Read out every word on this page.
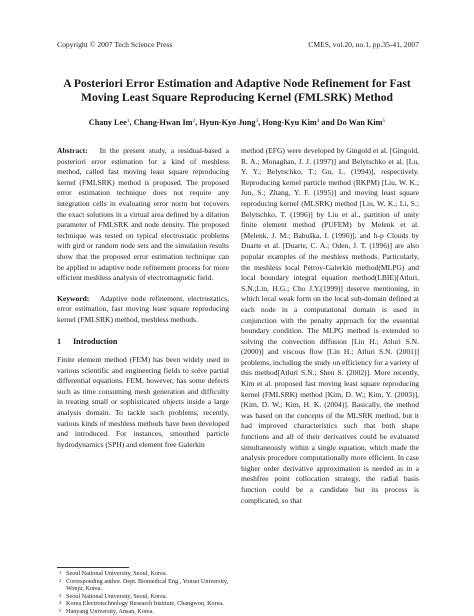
Copyright © 2007 Tech Science Press	CMES, vol.20, no.1, pp.35-41, 2007
A Posteriori Error Estimation and Adaptive Node Refinement for Fast
Moving Least Square Reproducing Kernel (FMLSRK) Method
Chany Lee$^1$, Chang-Hwan Im$^2$, Hyun-Kyo Jung$^3$, Hong-Kyu Kim$^4$ and Do Wan Kim$^5$

Abstract: In the present study, a residual-based a posteriori error estimation for a kind of meshless method, called fast moving least square reproducing kernel (FMLSRK) method is proposed. The proposed error estimation technique does not require any integration cells in evaluating error norm but recovers the exact solutions in a virtual area defined by a dilation parameter of FMLSRK and node density. The proposed technique was tested on typical electrostatic problems with gird or random node sets and the simulation results show that the proposed error estimation technique can be applied to adaptive node refinement process for more efficient meshless analysis of electromagnetic field.

Keyword: Adaptive node refinement, electrostatics, error estimation, fast moving least square reproducing kernel (FMLSRK) method, meshless methods.

1 Introduction

Finite element method (FEM) has been widely used in various scientific and engineering fields to solve partial differential equations. FEM, however, has some defects such as time consuming mesh generation and difficulty in treating small or sophisticated objects inside a large analysis domain. To tackle such problems, recently, various kinds of meshless methods have been developed and introduced. For instances, smoothed particle hydrodynamics (SPH) and element free Galerkin

method (EFG) were developed by Gingold et al. [Gingold, R. A.; Monaghan, J. J. (1997)] and Belytschko et al. [Lu, Y. Y.; Belytschko, T.; Gu, L. (1994)], respectively. Reproducing kernel particle method (RKPM) [Liu, W. K.; Jun, S.; Zhang, Y. F. (1995)] and moving least square reproducing kernel (MLSRK) method [Liu, W. K.; Li, S.; Belytschko, T. (1996)] by Liu et al., partition of unity finite element method (PUFEM) by Melenk et al. [Melenk, J. M.; Babuška, I. (1996)], and h-p Clouds by Duarte et al. [Duarte, C. A.; Oden, J. T. (1996)] are also popular examples of the meshless methods. Particularly, the meshless local Petrov-Galerkin method(MLPG) and local boundary integral equation method(LBIE)[Atluri, S.N.;Lin, H.G.; Cho J.Y.(1999)] deserve mentioning, in which local weak form on the local sub-domain defined at each node in a computational domain is used in conjunction with the penalty approach for the essential boundary condition. The MLPG method is extended to solving the convection diffusion [Lin H.; Atluri S.N. (2000)] and viscous flow [Lin H.; Atluri S.N. (2001)] problems, including the study on efficiency for a variety of this method[Atluri S.N.; Shen S. (2002)]. More recently, Kim et al. proposed fast moving least square reproducing kernel (FMLSRK) method [Kim, D. W.; Kim, Y. (2003)], [Kim, D. W.; Kim, H. K. (2004)]. Basically, the method was based on the concepts of the MLSRK method, but it had improved characteristics such that both shape functions and all of their derivatives could be evaluated simultaneously within a single equation, which made the analysis procedure computationally more efficient. In case higher order derivative approximation is needed as in a meshfree point collocation strategy, the radial basis function could be a candidate but its process is complicated, so that

1 Seoul National University, Seoul, Korea.
2 Corresponding author. Dept. Biomedical Eng., Yonsei University, Wonju, Korea.
3 Seoul National University, Seoul, Korea.
4 Korea Electrotechnology Research Institute, Changwon, Korea.
5 Hanyang University, Ansan, Korea.
